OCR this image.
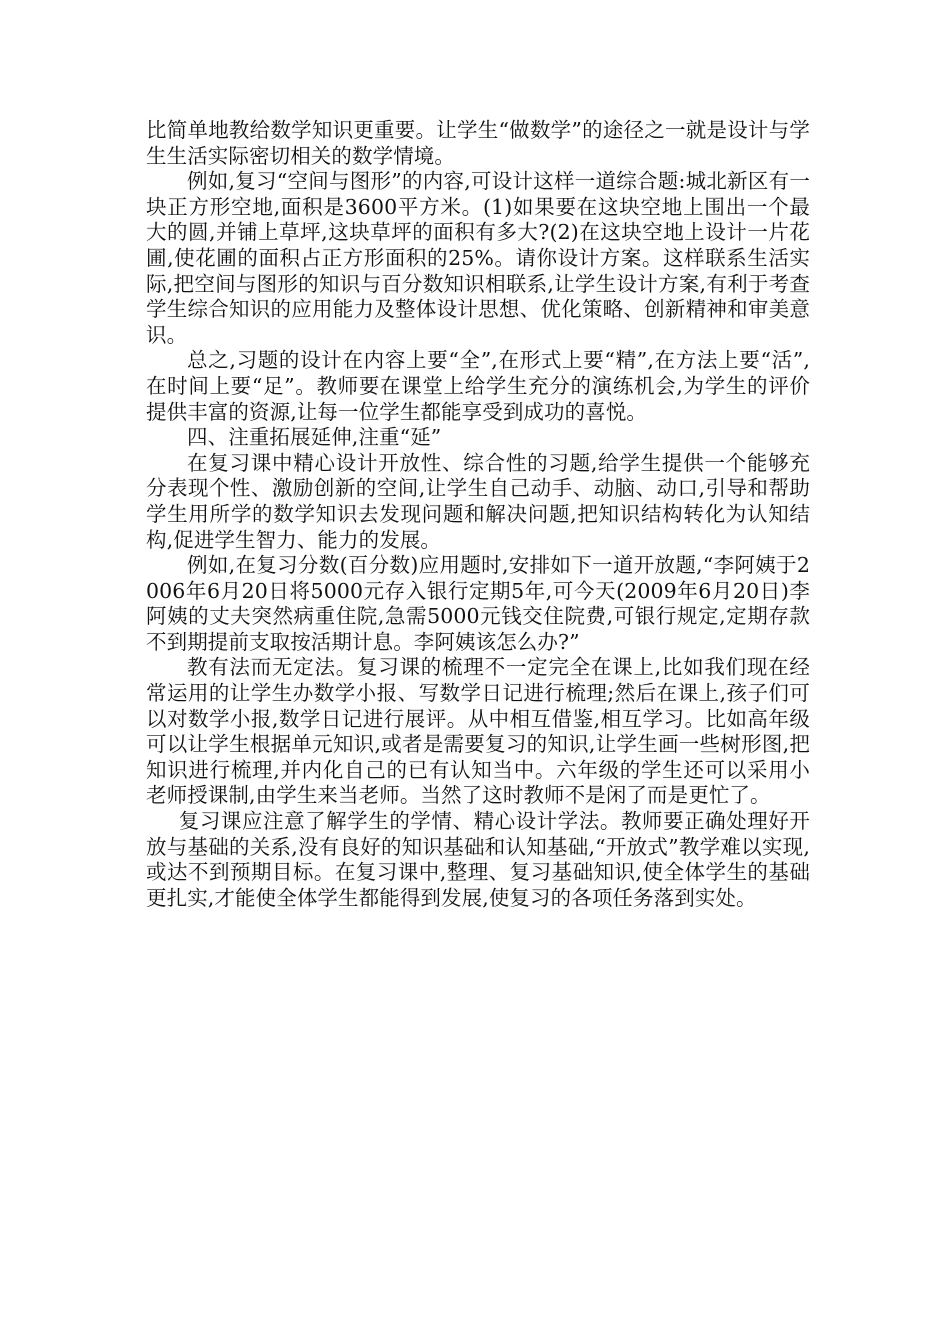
比简单地教给数学知识更重要。让学生“做数学”的途径之一就是设计与学生生活实际密切相关的数学情境。

例如,复习“空间与图形”的内容,可设计这样一道综合题:城北新区有一块正方形空地,面积是3600平方米。(1)如果要在这块空地上围出一个最大的圆,并铺上草坪,这块草坪的面积有多大?(2)在这块空地上设计一片花圃,使花圃的面积占正方形面积的25%。请你设计方案。这样联系生活实际,把空间与图形的知识与百分数知识相联系,让学生设计方案,有利于考查学生综合知识的应用能力及整体设计思想、优化策略、创新精神和审美意识。

总之,习题的设计在内容上要“全”,在形式上要“精”,在方法上要“活”,在时间上要“足”。教师要在课堂上给学生充分的演练机会,为学生的评价提供丰富的资源,让每一位学生都能享受到成功的喜悦。

四、注重拓展延伸,注重“延”

在复习课中精心设计开放性、综合性的习题,给学生提供一个能够充分表现个性、激励创新的空间,让学生自己动手、动脑、动口,引导和帮助学生用所学的数学知识去发现问题和解决问题,把知识结构转化为认知结构,促进学生智力、能力的发展。

例如,在复习分数(百分数)应用题时,安排如下一道开放题,“李阿姨于2006年6月20日将5000元存入银行定期5年,可今天(2009年6月20日)李阿姨的丈夫突然病重住院,急需5000元钱交住院费,可银行规定,定期存款不到期提前支取按活期计息。李阿姨该怎么办?”

教有法而无定法。复习课的梳理不一定完全在课上,比如我们现在经常运用的让学生办数学小报、写数学日记进行梳理;然后在课上,孩子们可以对数学小报,数学日记进行展评。从中相互借鉴,相互学习。比如高年级可以让学生根据单元知识,或者是需要复习的知识,让学生画一些树形图,把知识进行梳理,并内化自己的已有认知当中。六年级的学生还可以采用小老师授课制,由学生来当老师。当然了这时教师不是闲了而是更忙了。

复习课应注意了解学生的学情、精心设计学法。教师要正确处理好开放与基础的关系,没有良好的知识基础和认知基础,“开放式”教学难以实现,或达不到预期目标。在复习课中,整理、复习基础知识,使全体学生的基础更扎实,才能使全体学生都能得到发展,使复习的各项任务落到实处。
